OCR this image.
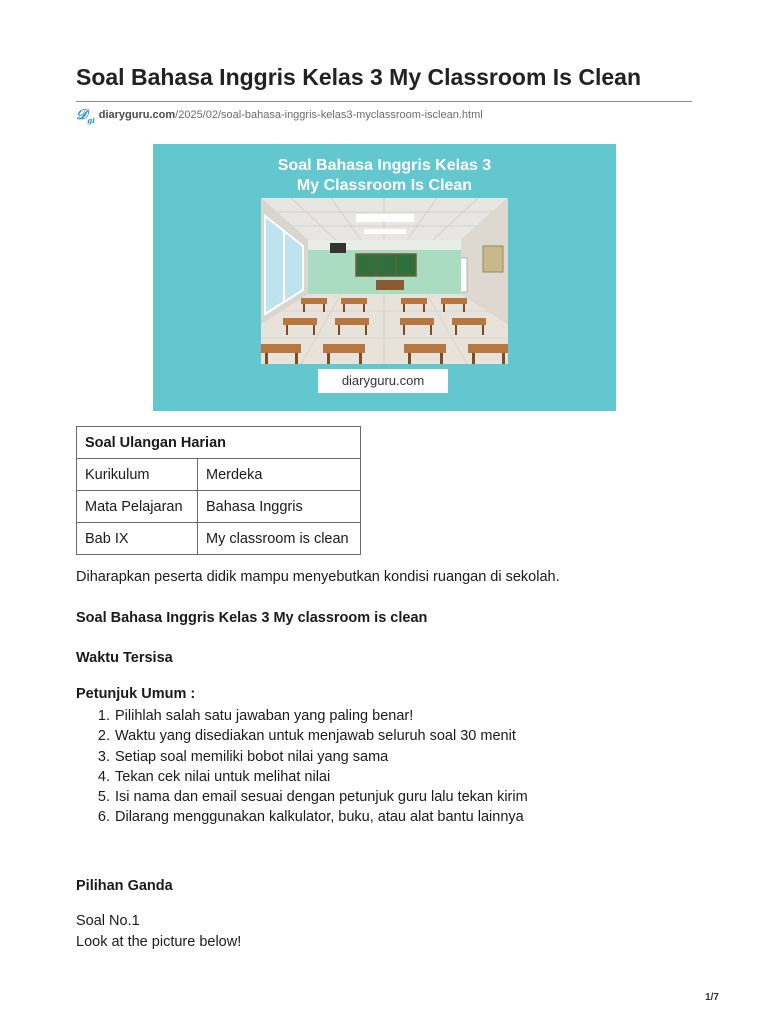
Soal Bahasa Inggris Kelas 3 My Classroom Is Clean
𝒟$_{gi}$ diaryguru.com/2025/02/soal-bahasa-inggris-kelas3-myclassroom-isclean.html
Soal Bahasa Inggris Kelas 3
My Classroom Is Clean
diaryguru.com
Soal Ulangan Harian	
Kurikulum	Merdeka
Mata Pelajaran	Bahasa Inggris
Bab IX	My classroom is clean

Diharapkan peserta didik mampu menyebutkan kondisi ruangan di sekolah.

Soal Bahasa Inggris Kelas 3 My classroom is clean

Waktu Tersisa

Petunjuk Umum :

1. Pilihlah salah satu jawaban yang paling benar!
2. Waktu yang disediakan untuk menjawab seluruh soal 30 menit
3. Setiap soal memiliki bobot nilai yang sama
4. Tekan cek nilai untuk melihat nilai
5. Isi nama dan email sesuai dengan petunjuk guru lalu tekan kirim
6. Dilarang menggunakan kalkulator, buku, atau alat bantu lainnya

Pilihan Ganda

Soal No.1

Look at the picture below!

1/7
